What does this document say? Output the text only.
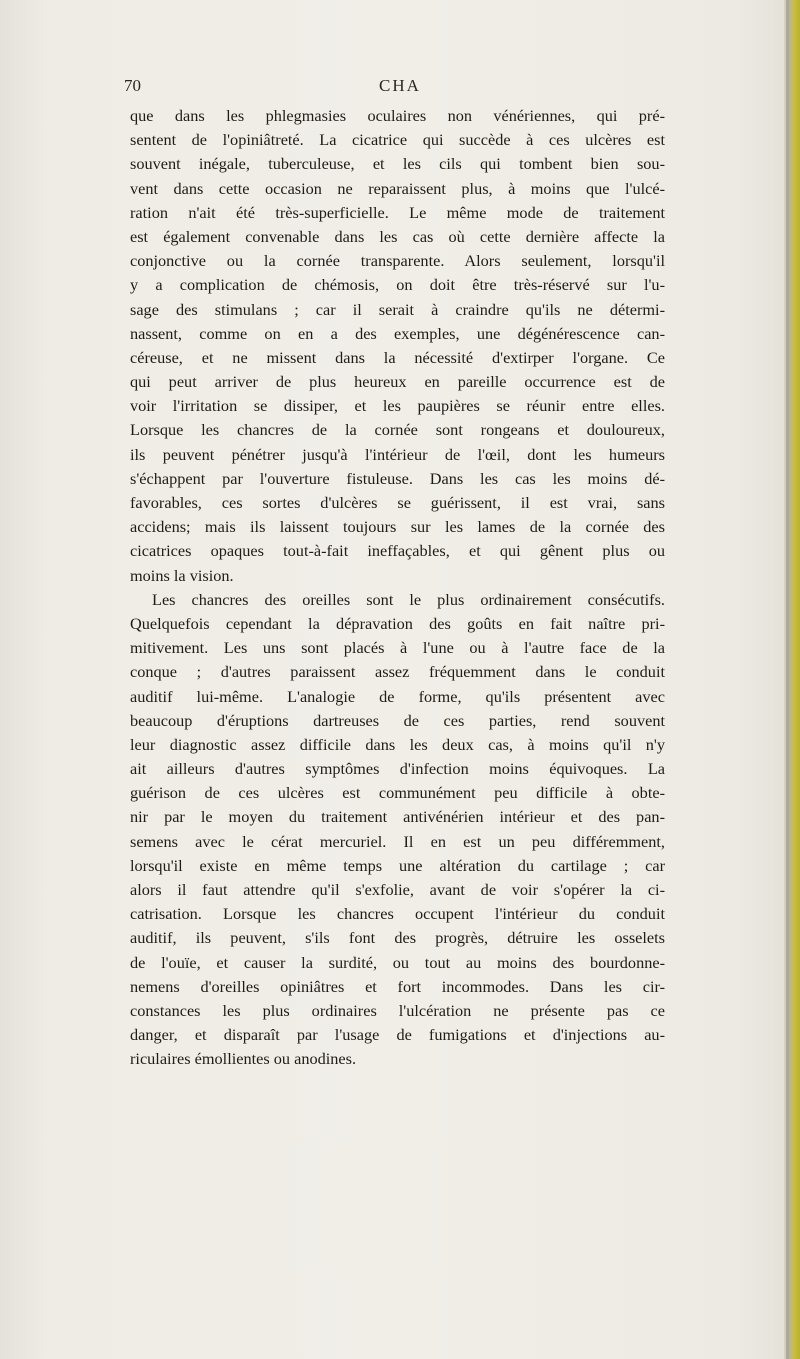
70	CHA
que dans les phlegmasies oculaires non vénériennes, qui pré-
sentent de l'opiniâtreté. La cicatrice qui succède à ces ulcères est
souvent inégale, tuberculeuse, et les cils qui tombent bien sou-
vent dans cette occasion ne reparaissent plus, à moins que l'ulcé-
ration n'ait été très-superficielle. Le même mode de traitement
est également convenable dans les cas où cette dernière affecte la
conjonctive ou la cornée transparente. Alors seulement, lorsqu'il
y a complication de chémosis, on doit être très-réservé sur l'u-
sage des stimulans ; car il serait à craindre qu'ils ne détermi-
nassent, comme on en a des exemples, une dégénérescence can-
céreuse, et ne missent dans la nécessité d'extirper l'organe. Ce
qui peut arriver de plus heureux en pareille occurrence est de
voir l'irritation se dissiper, et les paupières se réunir entre elles.
Lorsque les chancres de la cornée sont rongeans et douloureux,
ils peuvent pénétrer jusqu'à l'intérieur de l'œil, dont les humeurs
s'échappent par l'ouverture fistuleuse. Dans les cas les moins dé-
favorables, ces sortes d'ulcères se guérissent, il est vrai, sans
accidens; mais ils laissent toujours sur les lames de la cornée des
cicatrices opaques tout-à-fait ineffaçables, et qui gênent plus ou
moins la vision.
Les chancres des oreilles sont le plus ordinairement consécutifs.
Quelquefois cependant la dépravation des goûts en fait naître pri-
mitivement. Les uns sont placés à l'une ou à l'autre face de la
conque ; d'autres paraissent assez fréquemment dans le conduit
auditif lui-même. L'analogie de forme, qu'ils présentent avec
beaucoup d'éruptions dartreuses de ces parties, rend souvent
leur diagnostic assez difficile dans les deux cas, à moins qu'il n'y
ait ailleurs d'autres symptômes d'infection moins équivoques. La
guérison de ces ulcères est communément peu difficile à obte-
nir par le moyen du traitement antivénérien intérieur et des pan-
semens avec le cérat mercuriel. Il en est un peu différemment,
lorsqu'il existe en même temps une altération du cartilage ; car
alors il faut attendre qu'il s'exfolie, avant de voir s'opérer la ci-
catrisation. Lorsque les chancres occupent l'intérieur du conduit
auditif, ils peuvent, s'ils font des progrès, détruire les osselets
de l'ouïe, et causer la surdité, ou tout au moins des bourdonne-
nemens d'oreilles opiniâtres et fort incommodes. Dans les cir-
constances les plus ordinaires l'ulcération ne présente pas ce
danger, et disparaît par l'usage de fumigations et d'injections au-
riculaires émollientes ou anodines.
